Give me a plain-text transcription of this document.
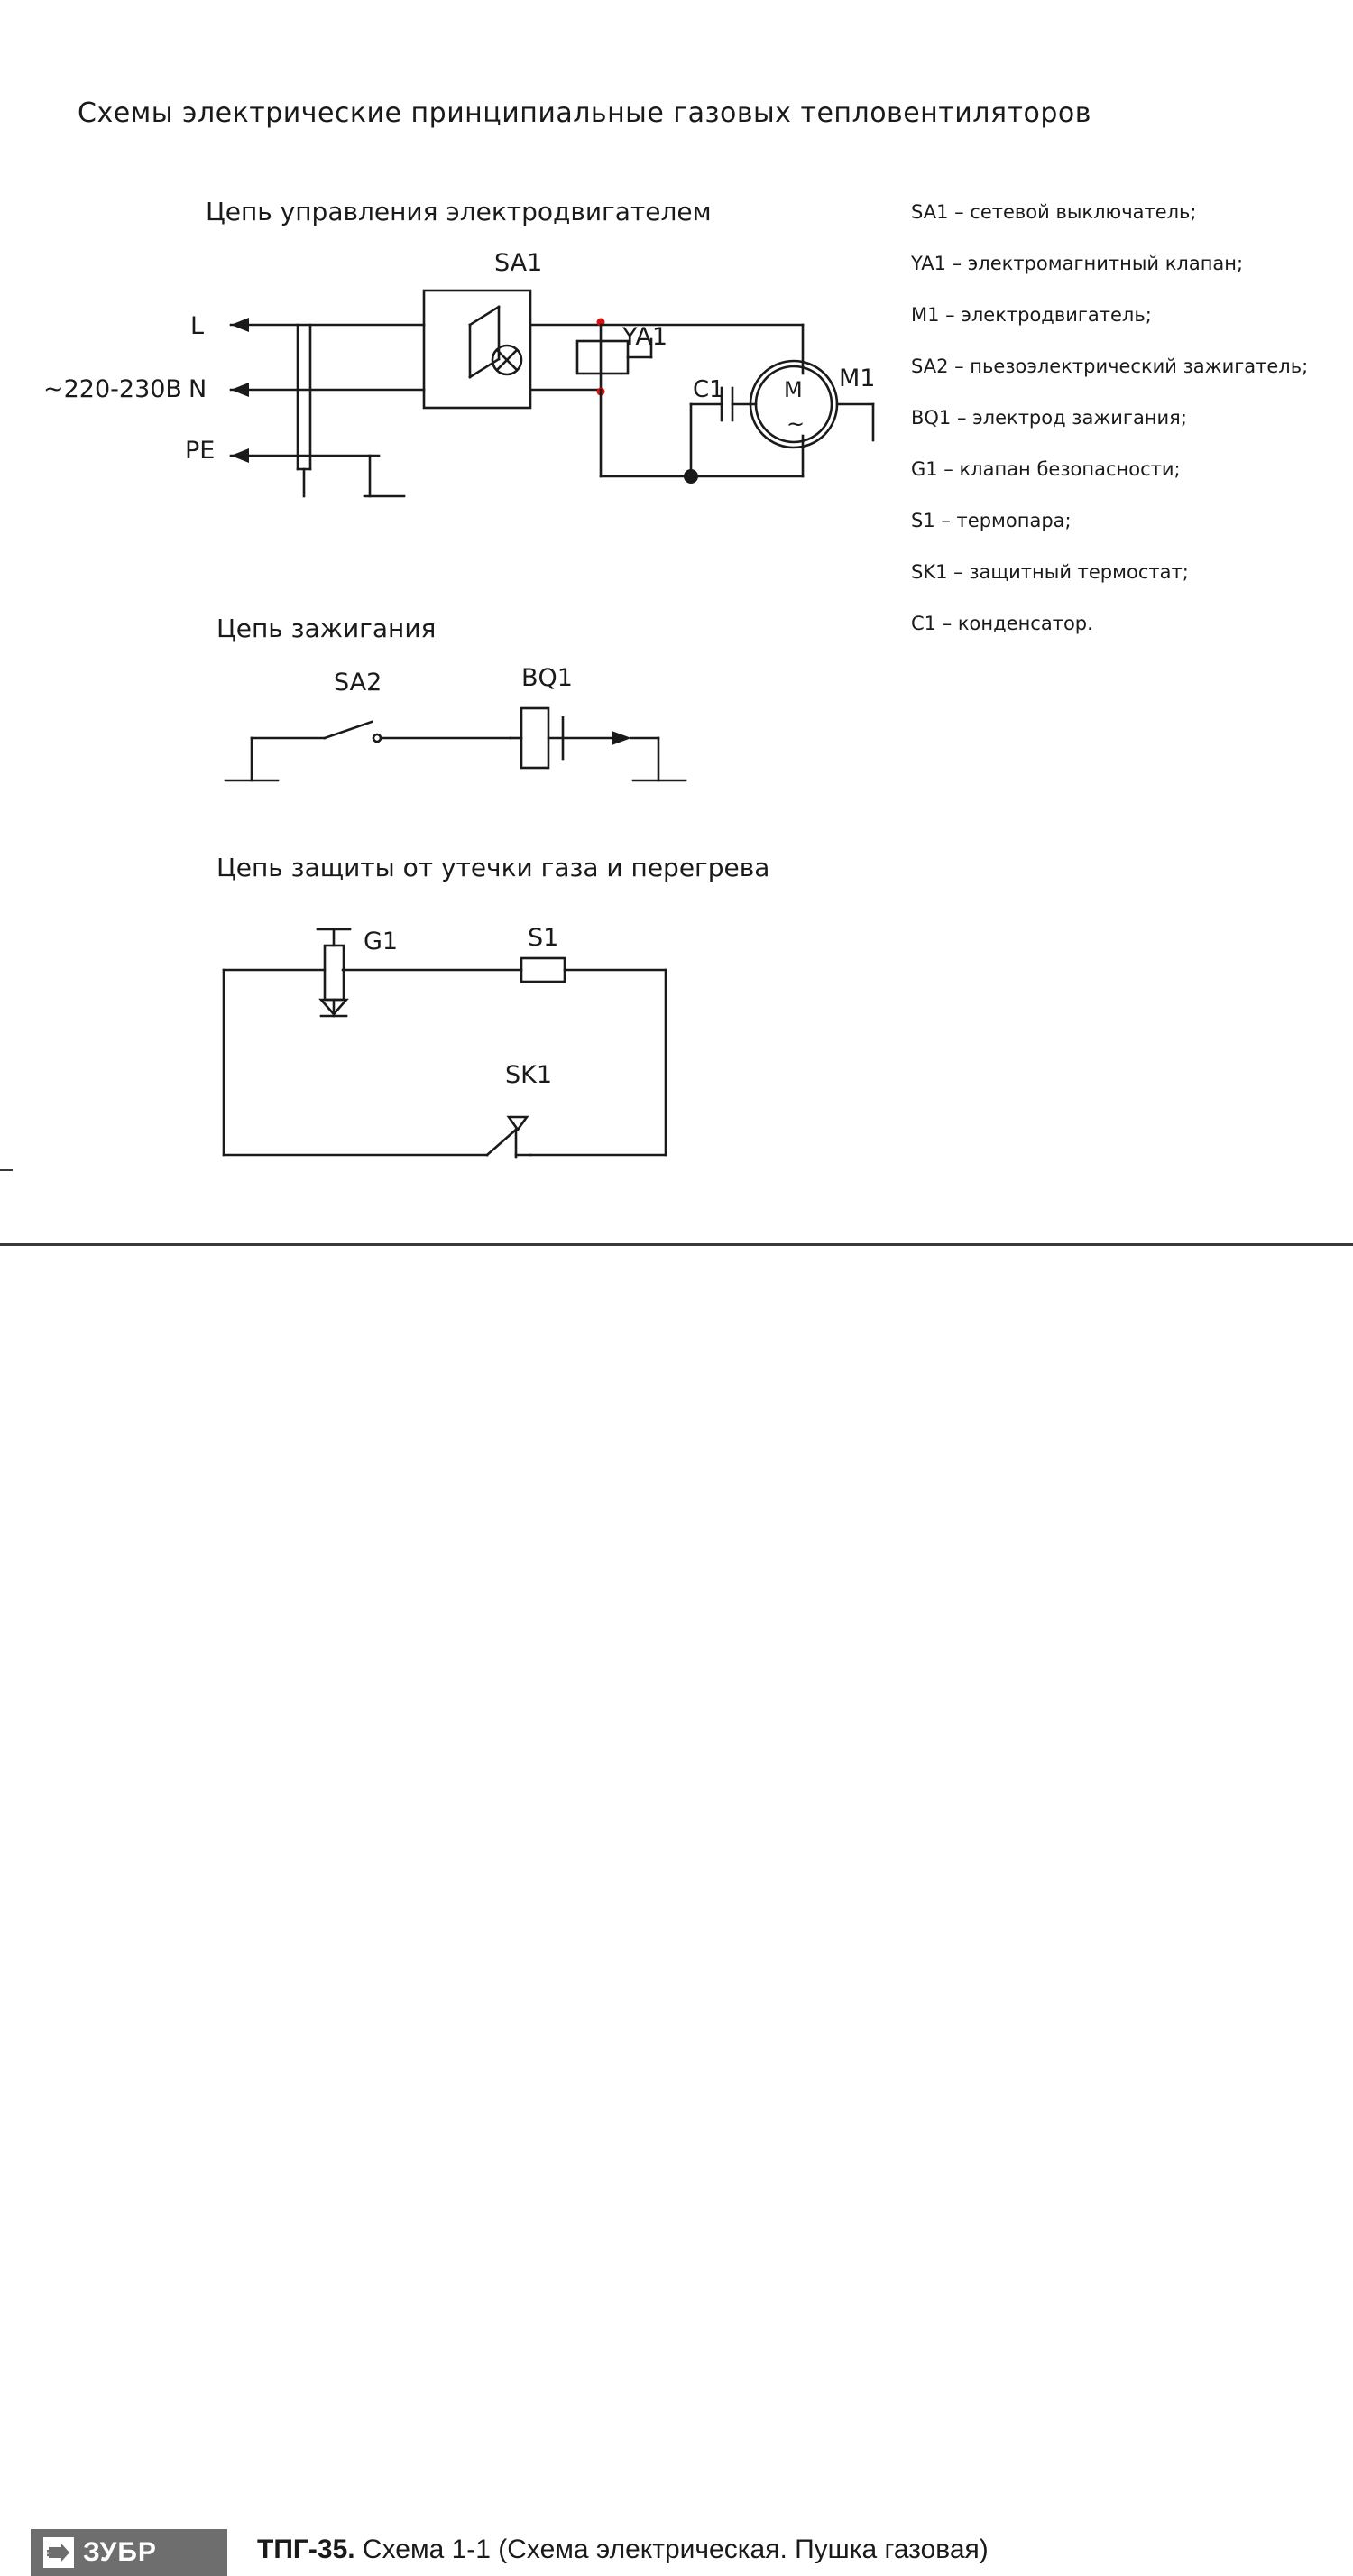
Схемы электрические принципиальные газовых тепловентиляторов
Цепь управления электродвигателем
Цепь зажигания
Цепь защиты от утечки газа и перегрева
SA1 – сетевой выключатель;
YA1 – электромагнитный клапан;
M1 – электродвигатель;
SA2 – пьезоэлектрический зажигатель;
BQ1 – электрод зажигания;
G1 – клапан безопасности;
S1 – термопара;
SK1 – защитный термостат;
C1 – конденсатор.
~220-230В
L
N
PE
SA1
YA1
C1	M
~
M1
SA2	BQ1
G1	S1
SK1
ЗУБР	ТПГ-35. Схема 1-1 (Схема электрическая. Пушка газовая)
